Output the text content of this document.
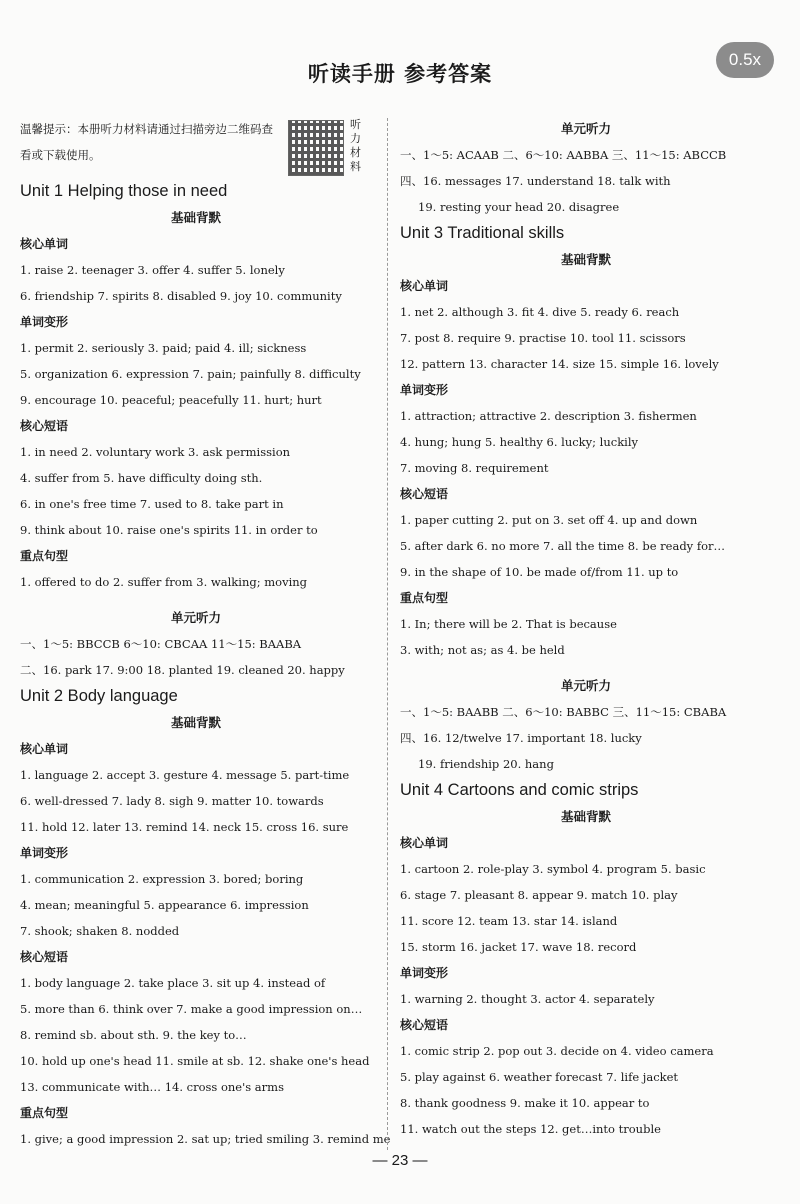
听读手册 参考答案
0.5x
温馨提示：本册听力材料请通过扫描旁边二维码查看或下载使用。
听力材料
Unit 1 Helping those in need
基础背默
核心单词
1. raise 2. teenager 3. offer 4. suffer 5. lonely
6. friendship 7. spirits 8. disabled 9. joy 10. community
单词变形
1. permit 2. seriously 3. paid; paid 4. ill; sickness
5. organization 6. expression 7. pain; painfully 8. difficulty
9. encourage 10. peaceful; peacefully 11. hurt; hurt
核心短语
1. in need 2. voluntary work 3. ask permission
4. suffer from 5. have difficulty doing sth.
6. in one's free time 7. used to 8. take part in
9. think about 10. raise one's spirits 11. in order to
重点句型
1. offered to do 2. suffer from 3. walking; moving
单元听力
一、1～5: BBCCB 6～10: CBCAA 11～15: BAABA
二、16. park 17. 9:00 18. planted 19. cleaned 20. happy
Unit 2 Body language
基础背默
核心单词
1. language 2. accept 3. gesture 4. message 5. part-time
6. well-dressed 7. lady 8. sigh 9. matter 10. towards
11. hold 12. later 13. remind 14. neck 15. cross 16. sure
单词变形
1. communication 2. expression 3. bored; boring
4. mean; meaningful 5. appearance 6. impression
7. shook; shaken 8. nodded
核心短语
1. body language 2. take place 3. sit up 4. instead of
5. more than 6. think over 7. make a good impression on…
8. remind sb. about sth. 9. the key to…
10. hold up one's head 11. smile at sb. 12. shake one's head
13. communicate with… 14. cross one's arms
重点句型
1. give; a good impression 2. sat up; tried smiling 3. remind me
单元听力
一、1～5: ACAAB 二、6～10: AABBA 三、11～15: ABCCB
四、16. messages 17. understand 18. talk with
19. resting your head 20. disagree
Unit 3 Traditional skills
基础背默
核心单词
1. net 2. although 3. fit 4. dive 5. ready 6. reach
7. post 8. require 9. practise 10. tool 11. scissors
12. pattern 13. character 14. size 15. simple 16. lovely
单词变形
1. attraction; attractive 2. description 3. fishermen
4. hung; hung 5. healthy 6. lucky; luckily
7. moving 8. requirement
核心短语
1. paper cutting 2. put on 3. set off 4. up and down
5. after dark 6. no more 7. all the time 8. be ready for…
9. in the shape of 10. be made of/from 11. up to
重点句型
1. In; there will be 2. That is because
3. with; not as; as 4. be held
单元听力
一、1～5: BAABB 二、6～10: BABBC 三、11～15: CBABA
四、16. 12/twelve 17. important 18. lucky
19. friendship 20. hang
Unit 4 Cartoons and comic strips
基础背默
核心单词
1. cartoon 2. role-play 3. symbol 4. program 5. basic
6. stage 7. pleasant 8. appear 9. match 10. play
11. score 12. team 13. star 14. island
15. storm 16. jacket 17. wave 18. record
单词变形
1. warning 2. thought 3. actor 4. separately
核心短语
1. comic strip 2. pop out 3. decide on 4. video camera
5. play against 6. weather forecast 7. life jacket
8. thank goodness 9. make it 10. appear to
11. watch out the steps 12. get…into trouble
— 23 —
